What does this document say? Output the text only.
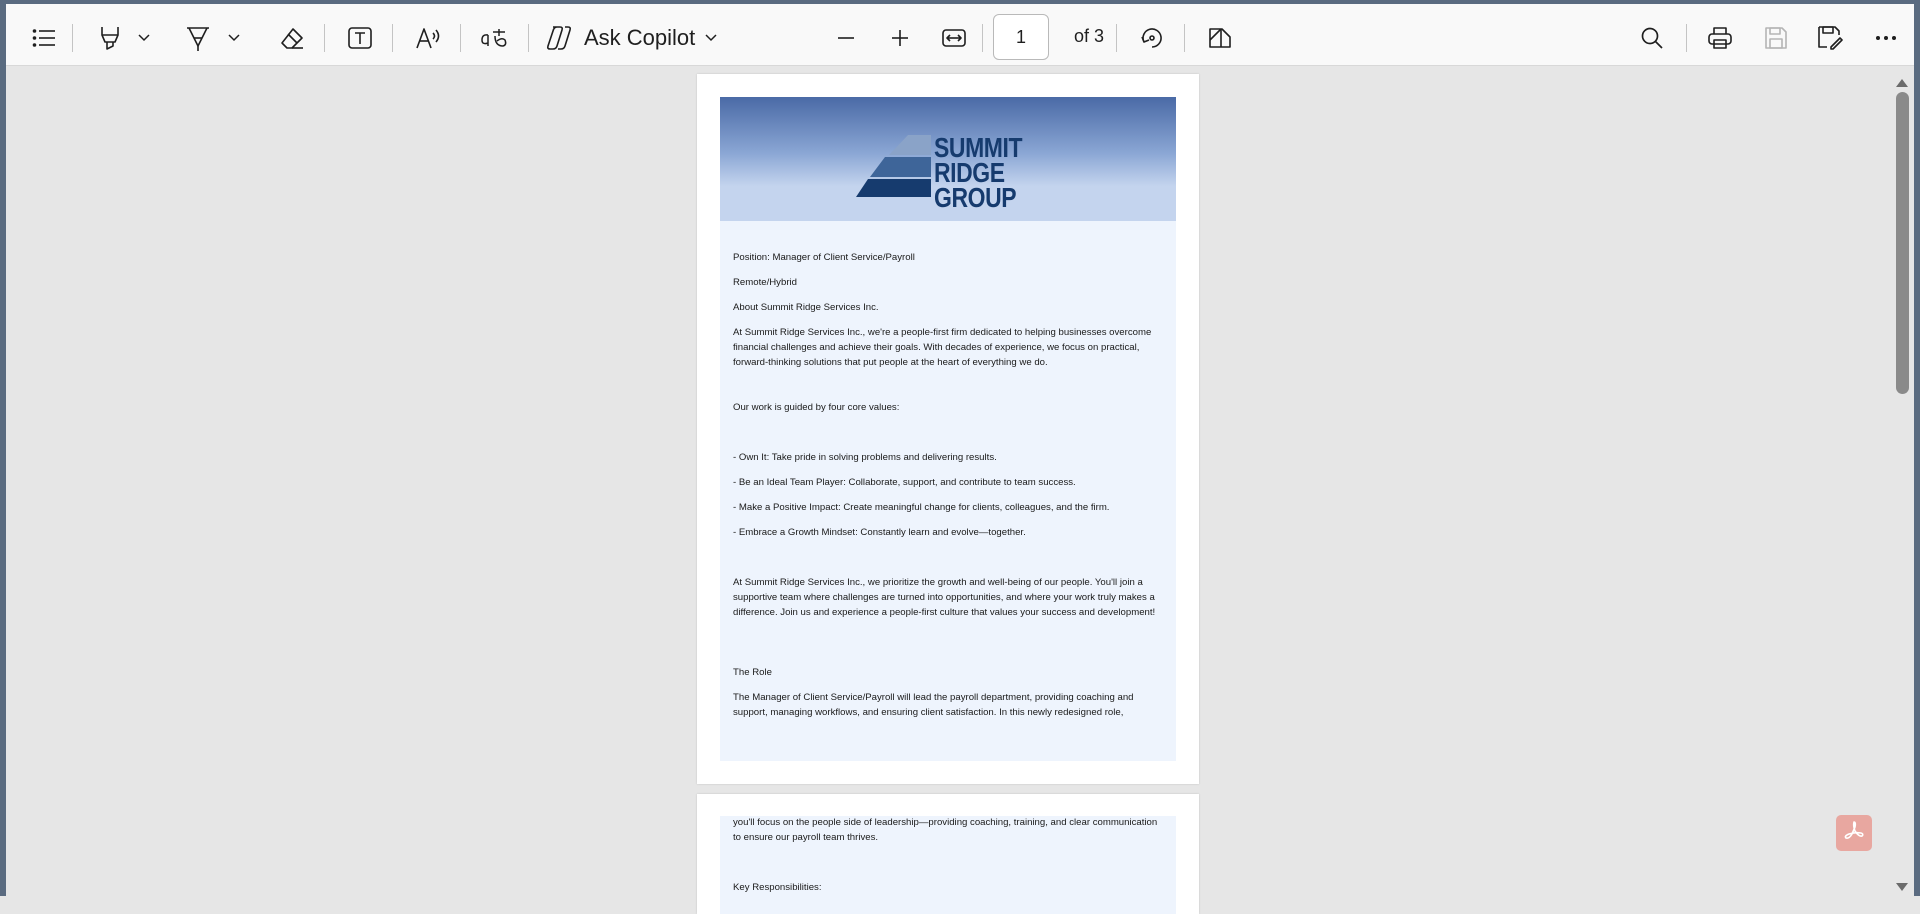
Ask Copilot
1	of 3
SUMMIT
RIDGE
GROUP
Position: Manager of Client Service/Payroll
Remote/Hybrid
About Summit Ridge Services Inc.
At Summit Ridge Services Inc., we're a people-first firm dedicated to helping businesses overcome financial challenges and achieve their goals. With decades of experience, we focus on practical, forward-thinking solutions that put people at the heart of everything we do.
Our work is guided by four core values:
- Own It: Take pride in solving problems and delivering results.
- Be an Ideal Team Player: Collaborate, support, and contribute to team success.
- Make a Positive Impact: Create meaningful change for clients, colleagues, and the firm.
- Embrace a Growth Mindset: Constantly learn and evolve—together.
At Summit Ridge Services Inc., we prioritize the growth and well-being of our people. You'll join a supportive team where challenges are turned into opportunities, and where your work truly makes a difference. Join us and experience a people-first culture that values your success and development!
The Role
The Manager of Client Service/Payroll will lead the payroll department, providing coaching and support, managing workflows, and ensuring client satisfaction. In this newly redesigned role,
you'll focus on the people side of leadership—providing coaching, training, and clear communication to ensure our payroll team thrives.
Key Responsibilities:
